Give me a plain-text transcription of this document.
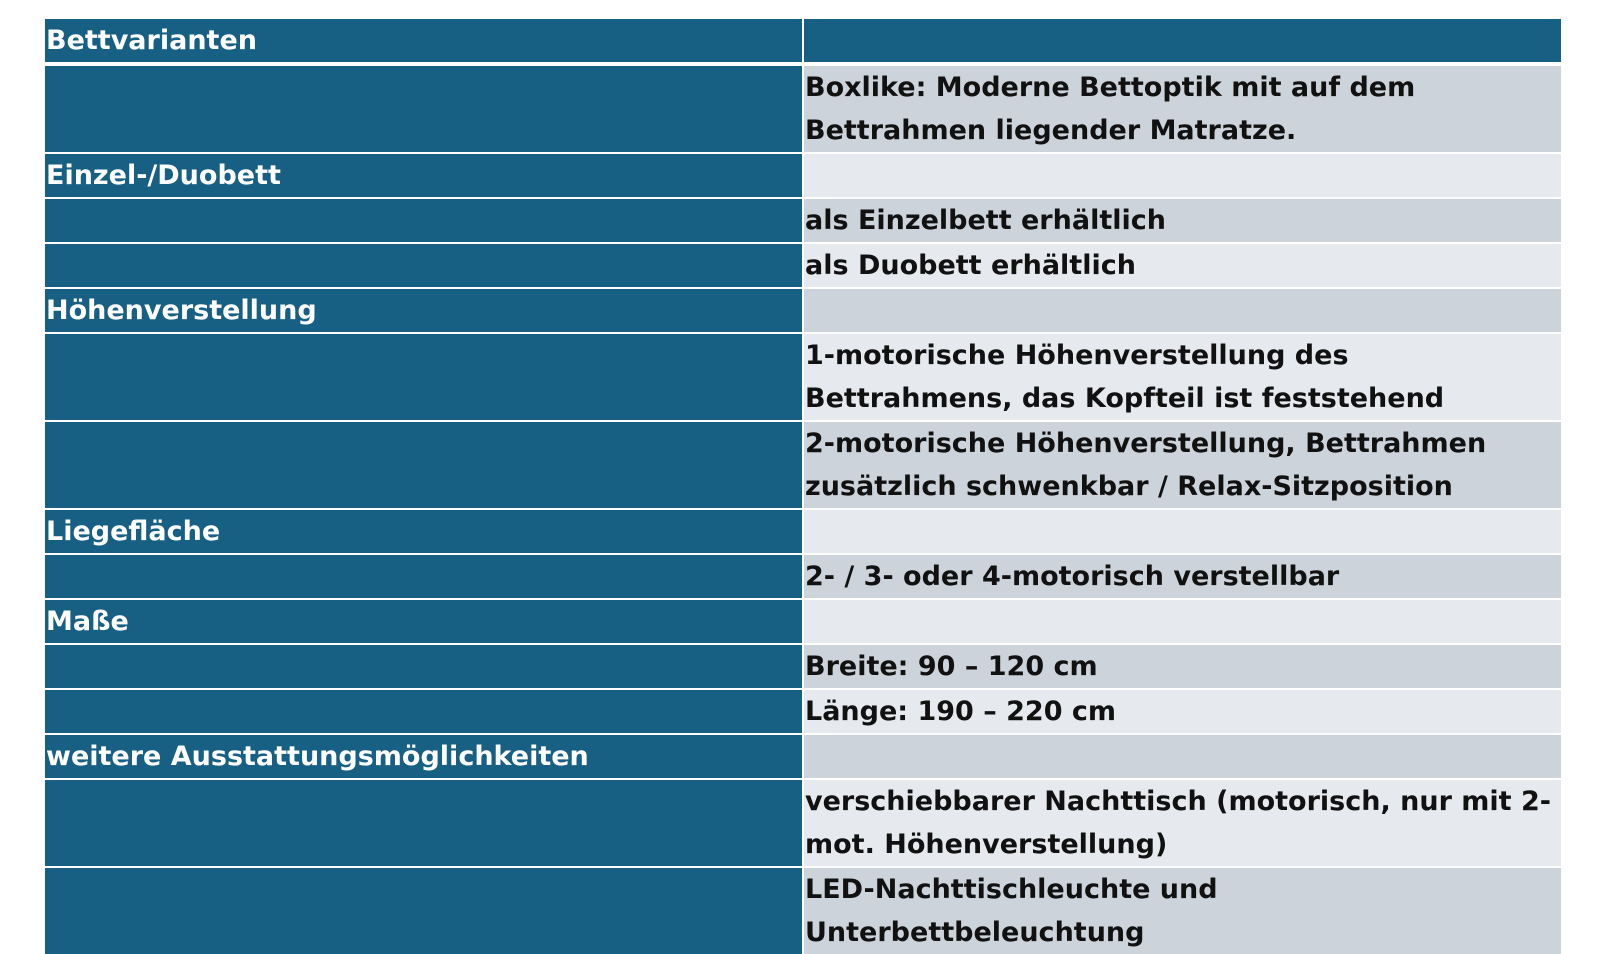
Bettvarianten	
	Boxlike: Moderne Bettoptik mit auf dem Bettrahmen liegender Matratze.
Einzel-/Duobett	
	als Einzelbett erhältlich
	als Duobett erhältlich
Höhenverstellung	
	1-motorische Höhenverstellung des Bettrahmens, das Kopfteil ist feststehend
	2-motorische Höhenverstellung, Bettrahmen zusätzlich schwenkbar / Relax-Sitzposition
Liegefläche	
	2- / 3- oder 4-motorisch verstellbar
Maße	
	Breite: 90 – 120 cm
	Länge: 190 – 220 cm
weitere Ausstattungsmöglichkeiten	
	verschiebbarer Nachttisch (motorisch, nur mit 2-mot. Höhenverstellung)
	LED-Nachttischleuchte und Unterbettbeleuchtung
